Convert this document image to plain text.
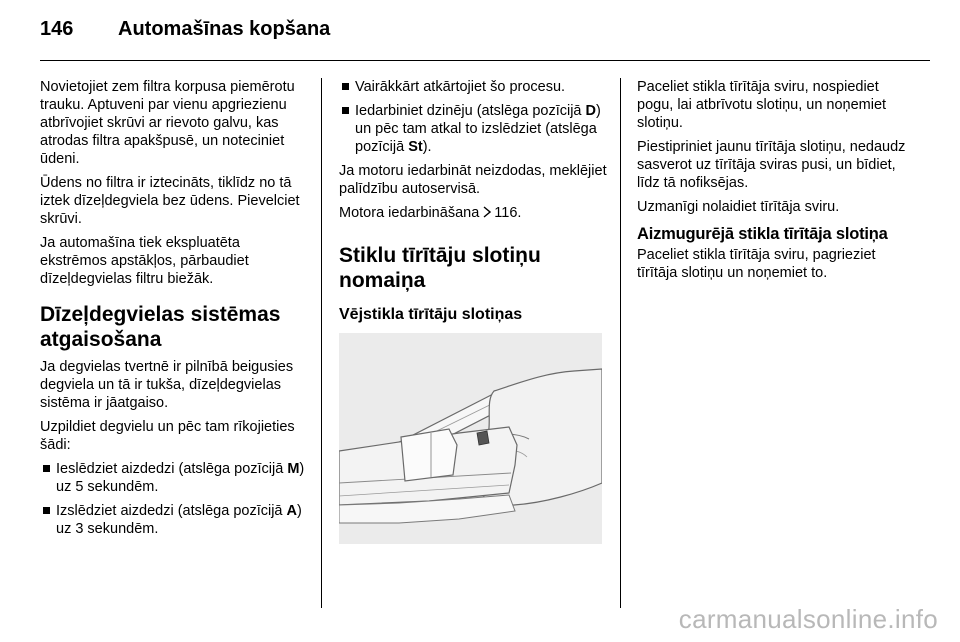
146 Automašīnas kopšana

Novietojiet zem filtra korpusa piemērotu trauku. Aptuveni par vienu apgriezienu atbrīvojiet skrūvi ar rievoto galvu, kas atrodas filtra apakšpusē, un noteciniet ūdeni.

Ūdens no filtra ir iztecināts, tiklīdz no tā iztek dīzeļdegviela bez ūdens. Pievelciet skrūvi.

Ja automašīna tiek ekspluatēta ekstrēmos apstākļos, pārbaudiet dīzeļdegvielas filtru biežāk.

Dīzeļdegvielas sistēmas atgaisošana

Ja degvielas tvertnē ir pilnībā beigusies degviela un tā ir tukša, dīzeļdegvielas sistēma ir jāatgaiso.

Uzpildiet degvielu un pēc tam rīkojieties šādi:

Ieslēdziet aizdedzi (atslēga pozīcijā M) uz 5 sekundēm.
Izslēdziet aizdedzi (atslēga pozīcijā A) uz 3 sekundēm.
Vairākkārt atkārtojiet šo procesu.
Iedarbiniet dzinēju (atslēga pozīcijā D) un pēc tam atkal to izslēdziet (atslēga pozīcijā St).

Ja motoru iedarbināt neizdodas, meklējiet palīdzību autoservisā.

Motora iedarbināšana 116.

Stiklu tīrītāju slotiņu nomaiņa
Vējstikla tīrītāju slotiņas

Paceliet stikla tīrītāja sviru, nospiediet pogu, lai atbrīvotu slotiņu, un noņemiet slotiņu.

Piestipriniet jaunu tīrītāja slotiņu, nedaudz sasverot uz tīrītāja sviras pusi, un bīdiet, līdz tā nofiksējas.

Uzmanīgi nolaidiet tīrītāja sviru.

Aizmugurējā stikla tīrītāja slotiņa

Paceliet stikla tīrītāja sviru, pagrieziet tīrītāja slotiņu un noņemiet to.

carmanualsonline.info
